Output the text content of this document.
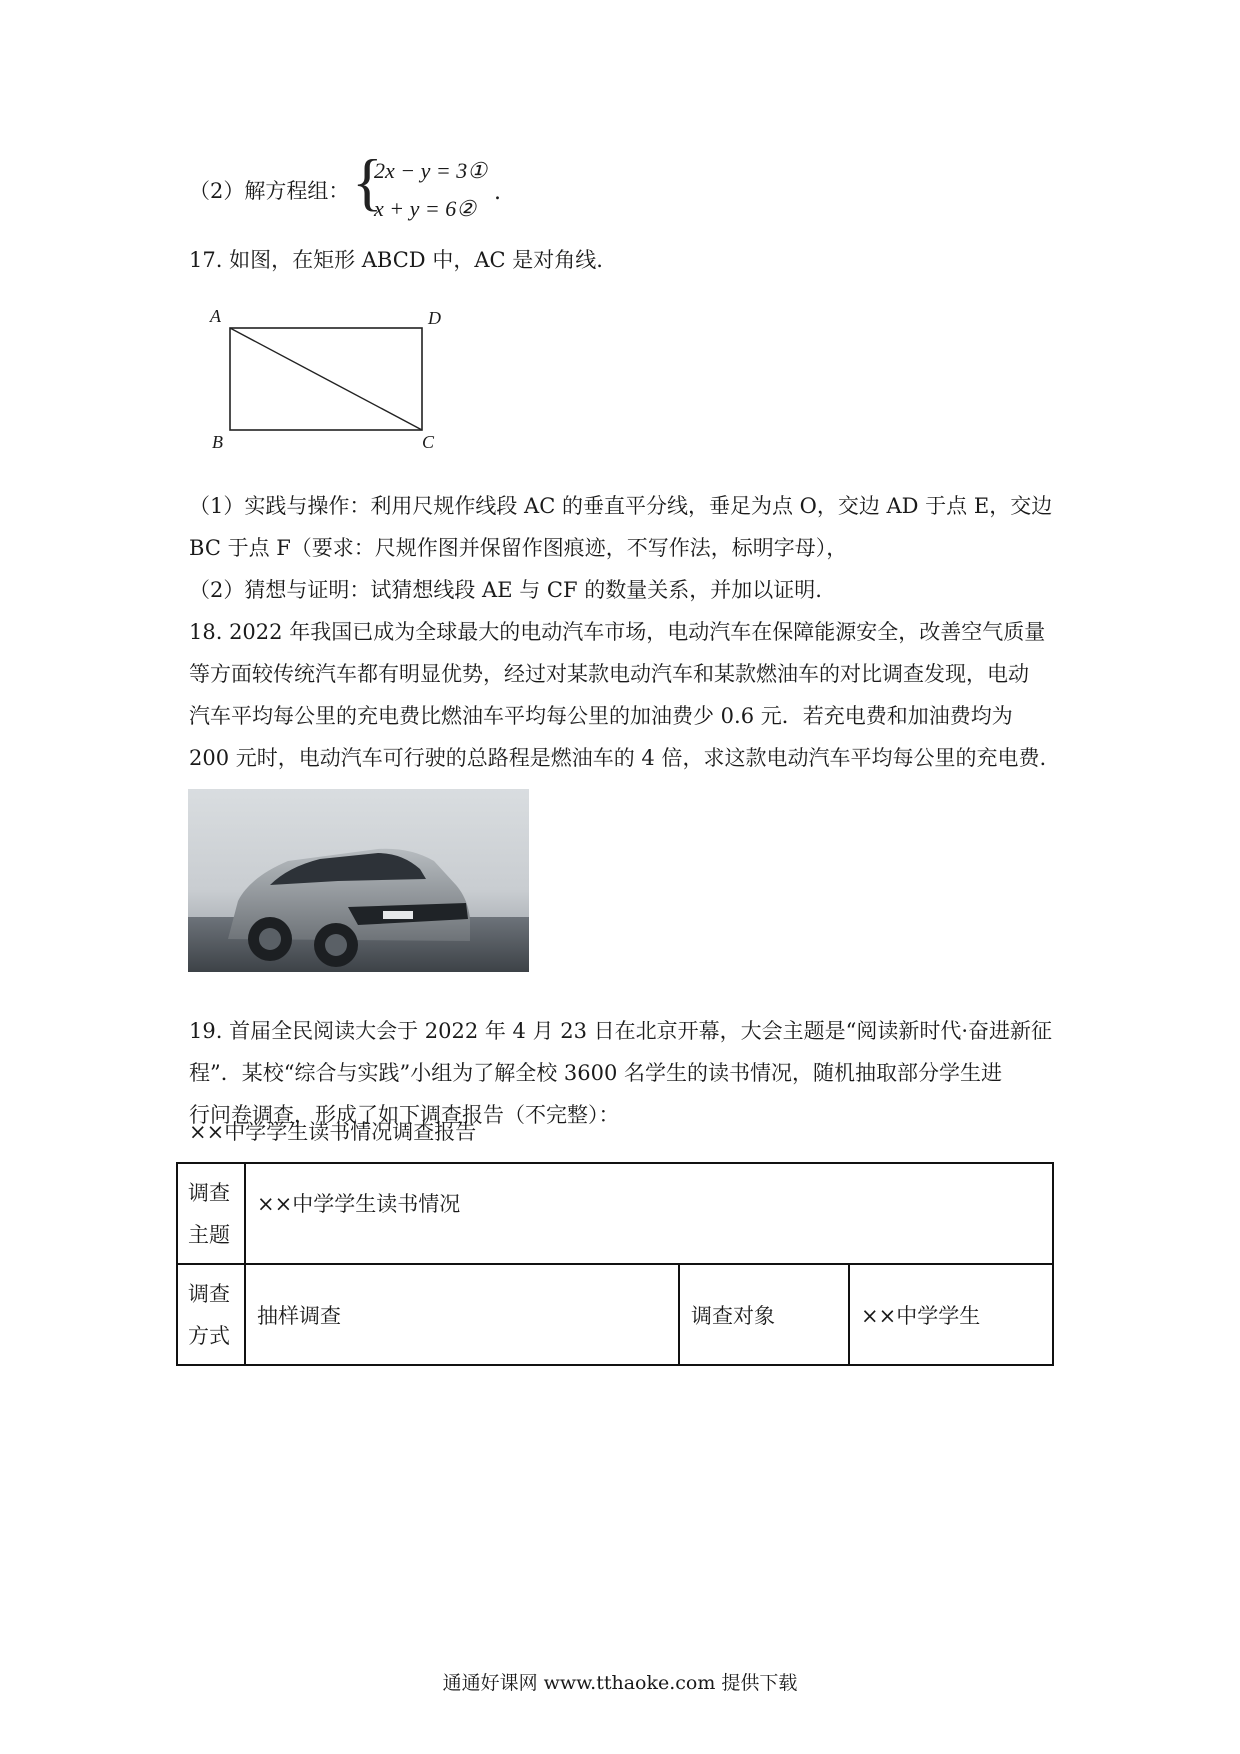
（2）解方程组： {
2x − y = 3①
x + y = 6②
.
17. 如图，在矩形 ABCD 中，AC 是对角线.
A	D
B	C
（1）实践与操作：利用尺规作线段 AC 的垂直平分线，垂足为点 O，交边 AD 于点 E，交边
BC 于点 F（要求：尺规作图并保留作图痕迹，不写作法，标明字母），
（2）猜想与证明：试猜想线段 AE 与 CF 的数量关系，并加以证明.
18. 2022 年我国已成为全球最大的电动汽车市场，电动汽车在保障能源安全，改善空气质量
等方面较传统汽车都有明显优势，经过对某款电动汽车和某款燃油车的对比调查发现，电动
汽车平均每公里的充电费比燃油车平均每公里的加油费少 0.6 元．若充电费和加油费均为
200 元时，电动汽车可行驶的总路程是燃油车的 4 倍，求这款电动汽车平均每公里的充电费.
19. 首届全民阅读大会于 2022 年 4 月 23 日在北京开幕，大会主题是“阅读新时代·奋进新征
程”．某校“综合与实践”小组为了解全校 3600 名学生的读书情况，随机抽取部分学生进
行问卷调查，形成了如下调查报告（不完整）：
××中学学生读书情况调查报告
调查
主题	××中学学生读书情况		

调查
方式	抽样调查	调查对象	××中学学生
通通好课网 www.tthaoke.com 提供下载
